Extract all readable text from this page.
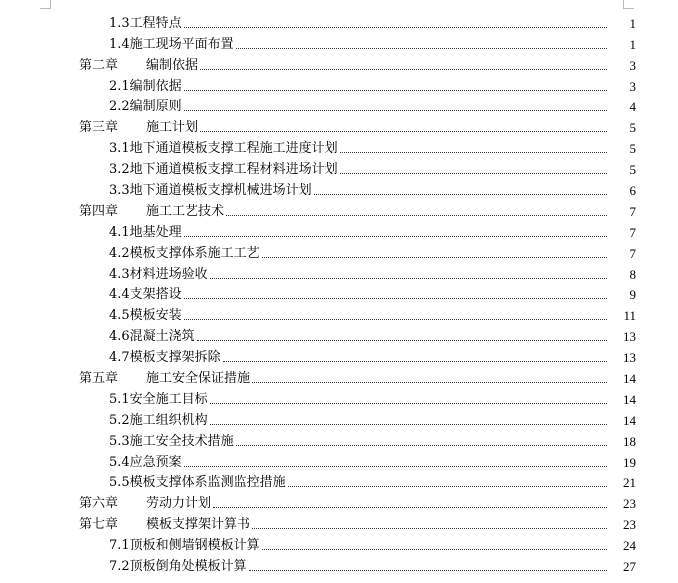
1.3工程特点	1
1.4施工现场平面布置	1
第二章	编制依据	3
2.1编制依据	3
2.2编制原则	4
第三章	施工计划	5
3.1地下通道模板支撑工程施工进度计划	5
3.2地下通道模板支撑工程材料进场计划	5
3.3地下通道模板支撑机械进场计划	6
第四章	施工工艺技术	7
4.1地基处理	7
4.2模板支撑体系施工工艺	7
4.3材料进场验收	8
4.4支架搭设	9
4.5模板安装	11
4.6混凝土浇筑	13
4.7模板支撑架拆除	13
第五章	施工安全保证措施	14
5.1安全施工目标	14
5.2施工组织机构	14
5.3施工安全技术措施	18
5.4应急预案	19
5.5模板支撑体系监测监控措施	21
第六章	劳动力计划	23
第七章	模板支撑架计算书	23
7.1顶板和侧墙钢模板计算	24
7.2顶板倒角处模板计算	27
